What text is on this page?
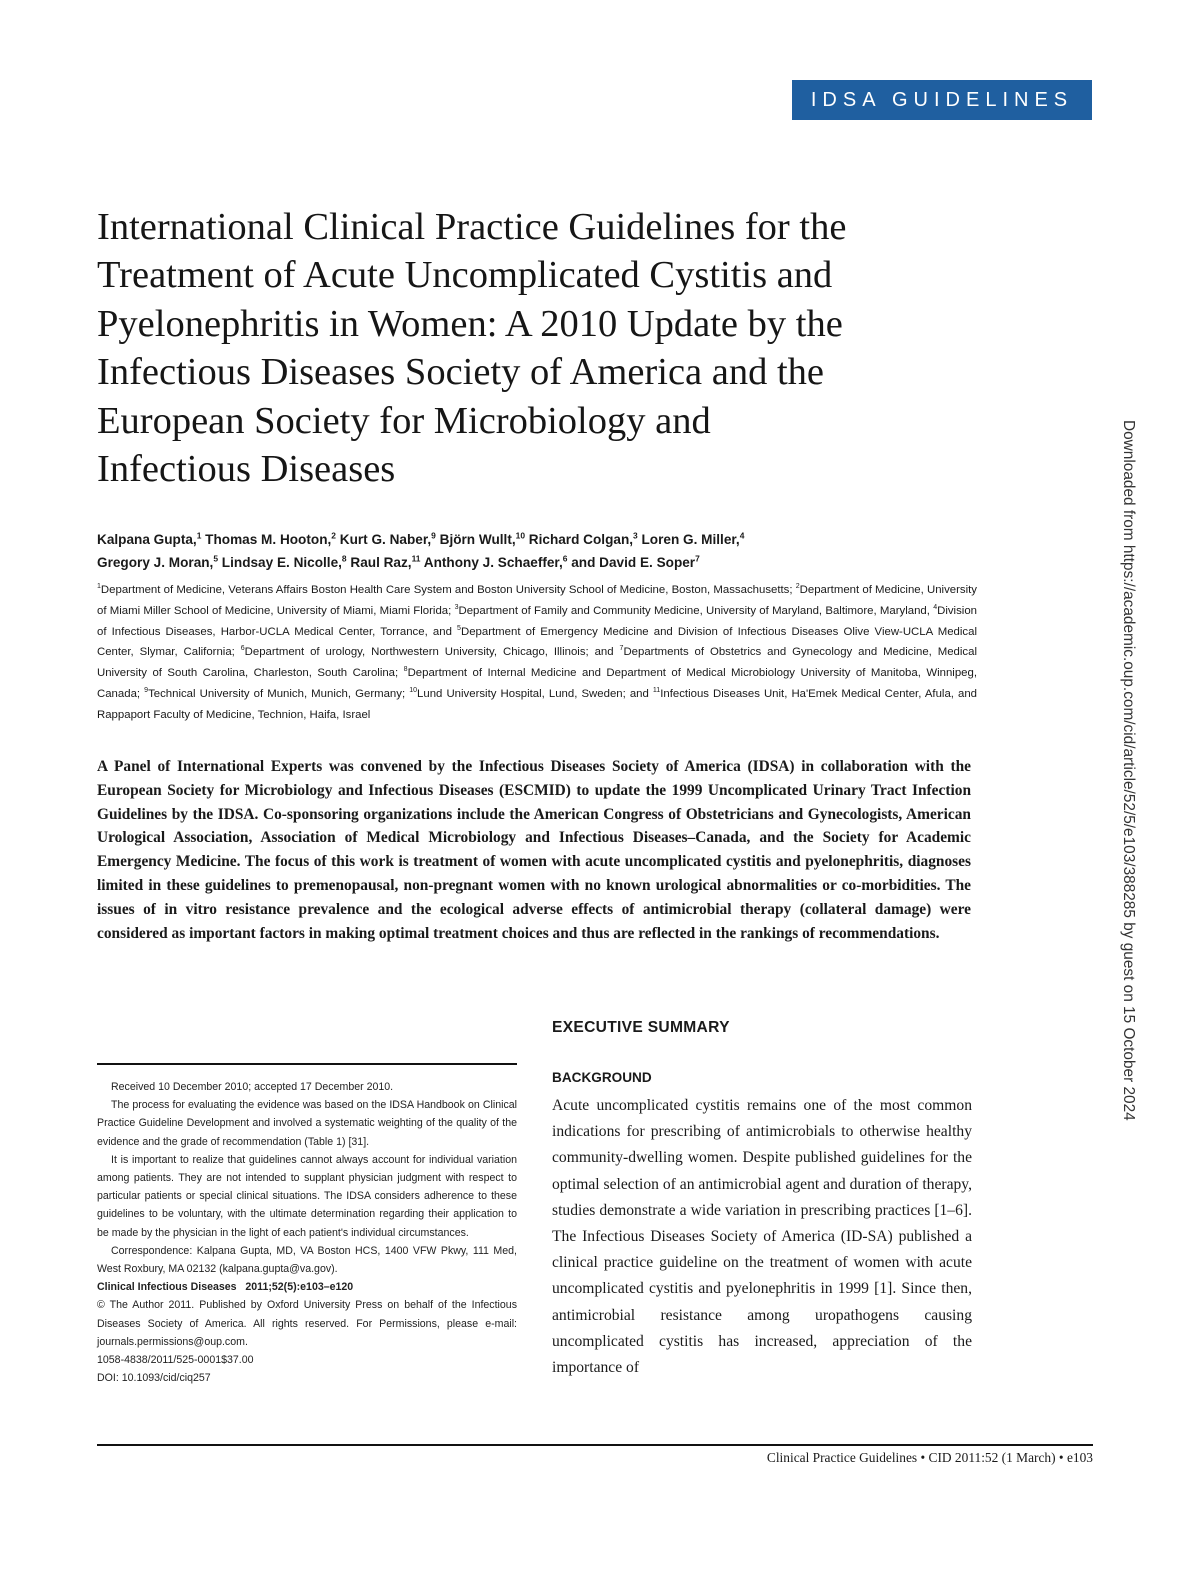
IDSA GUIDELINES
International Clinical Practice Guidelines for the
Treatment of Acute Uncomplicated Cystitis and
Pyelonephritis in Women: A 2010 Update by the
Infectious Diseases Society of America and the
European Society for Microbiology and
Infectious Diseases

Kalpana Gupta,$^1$ Thomas M. Hooton,$^2$ Kurt G. Naber,$^9$ Björn Wullt,$^{10}$ Richard Colgan,$^3$ Loren G. Miller,$^4$
Gregory J. Moran,$^5$ Lindsay E. Nicolle,$^8$ Raul Raz,$^{11}$ Anthony J. Schaeffer,$^6$ and David E. Soper$^7$

$^1$Department of Medicine, Veterans Affairs Boston Health Care System and Boston University School of Medicine, Boston, Massachusetts; $^2$Department of Medicine, University of Miami Miller School of Medicine, University of Miami, Miami Florida; $^3$Department of Family and Community Medicine, University of Maryland, Baltimore, Maryland, $^4$Division of Infectious Diseases, Harbor-UCLA Medical Center, Torrance, and $^5$Department of Emergency Medicine and Division of Infectious Diseases Olive View-UCLA Medical Center, Slymar, California; $^6$Department of urology, Northwestern University, Chicago, Illinois; and $^7$Departments of Obstetrics and Gynecology and Medicine, Medical University of South Carolina, Charleston, South Carolina; $^8$Department of Internal Medicine and Department of Medical Microbiology University of Manitoba, Winnipeg, Canada; $^9$Technical University of Munich, Munich, Germany; $^{10}$Lund University Hospital, Lund, Sweden; and $^{11}$Infectious Diseases Unit, Ha'Emek Medical Center, Afula, and Rappaport Faculty of Medicine, Technion, Haifa, Israel

A Panel of International Experts was convened by the Infectious Diseases Society of America (IDSA) in collaboration with the European Society for Microbiology and Infectious Diseases (ESCMID) to update the 1999 Uncomplicated Urinary Tract Infection Guidelines by the IDSA. Co-sponsoring organizations include the American Congress of Obstetricians and Gynecologists, American Urological Association, Association of Medical Microbiology and Infectious Diseases–Canada, and the Society for Academic Emergency Medicine. The focus of this work is treatment of women with acute uncomplicated cystitis and pyelonephritis, diagnoses limited in these guidelines to premenopausal, non-pregnant women with no known urological abnormalities or co-morbidities. The issues of in vitro resistance prevalence and the ecological adverse effects of antimicrobial therapy (collateral damage) were considered as important factors in making optimal treatment choices and thus are reflected in the rankings of recommendations.

Received 10 December 2010; accepted 17 December 2010.

The process for evaluating the evidence was based on the IDSA Handbook on Clinical Practice Guideline Development and involved a systematic weighting of the quality of the evidence and the grade of recommendation (Table 1) [31].

It is important to realize that guidelines cannot always account for individual variation among patients. They are not intended to supplant physician judgment with respect to particular patients or special clinical situations. The IDSA considers adherence to these guidelines to be voluntary, with the ultimate determination regarding their application to be made by the physician in the light of each patient's individual circumstances.

Correspondence: Kalpana Gupta, MD, VA Boston HCS, 1400 VFW Pkwy, 111 Med, West Roxbury, MA 02132 (kalpana.gupta@va.gov).

Clinical Infectious Diseases 2011;52(5):e103–e120

© The Author 2011. Published by Oxford University Press on behalf of the Infectious Diseases Society of America. All rights reserved. For Permissions, please e-mail: journals.permissions@oup.com.

1058-4838/2011/525-0001$37.00

DOI: 10.1093/cid/ciq257

EXECUTIVE SUMMARY
BACKGROUND

Acute uncomplicated cystitis remains one of the most common indications for prescribing of antimicrobials to otherwise healthy community-dwelling women. Despite published guidelines for the optimal selection of an antimicrobial agent and duration of therapy, studies demonstrate a wide variation in prescribing practices [1–6]. The Infectious Diseases Society of America (ID-SA) published a clinical practice guideline on the treatment of women with acute uncomplicated cystitis and pyelonephritis in 1999 [1]. Since then, antimicrobial resistance among uropathogens causing uncomplicated cystitis has increased, appreciation of the importance of

Clinical Practice Guidelines • CID 2011:52 (1 March) • e103

Downloaded from https://academic.oup.com/cid/article/52/5/e103/388285 by guest on 15 October 2024
